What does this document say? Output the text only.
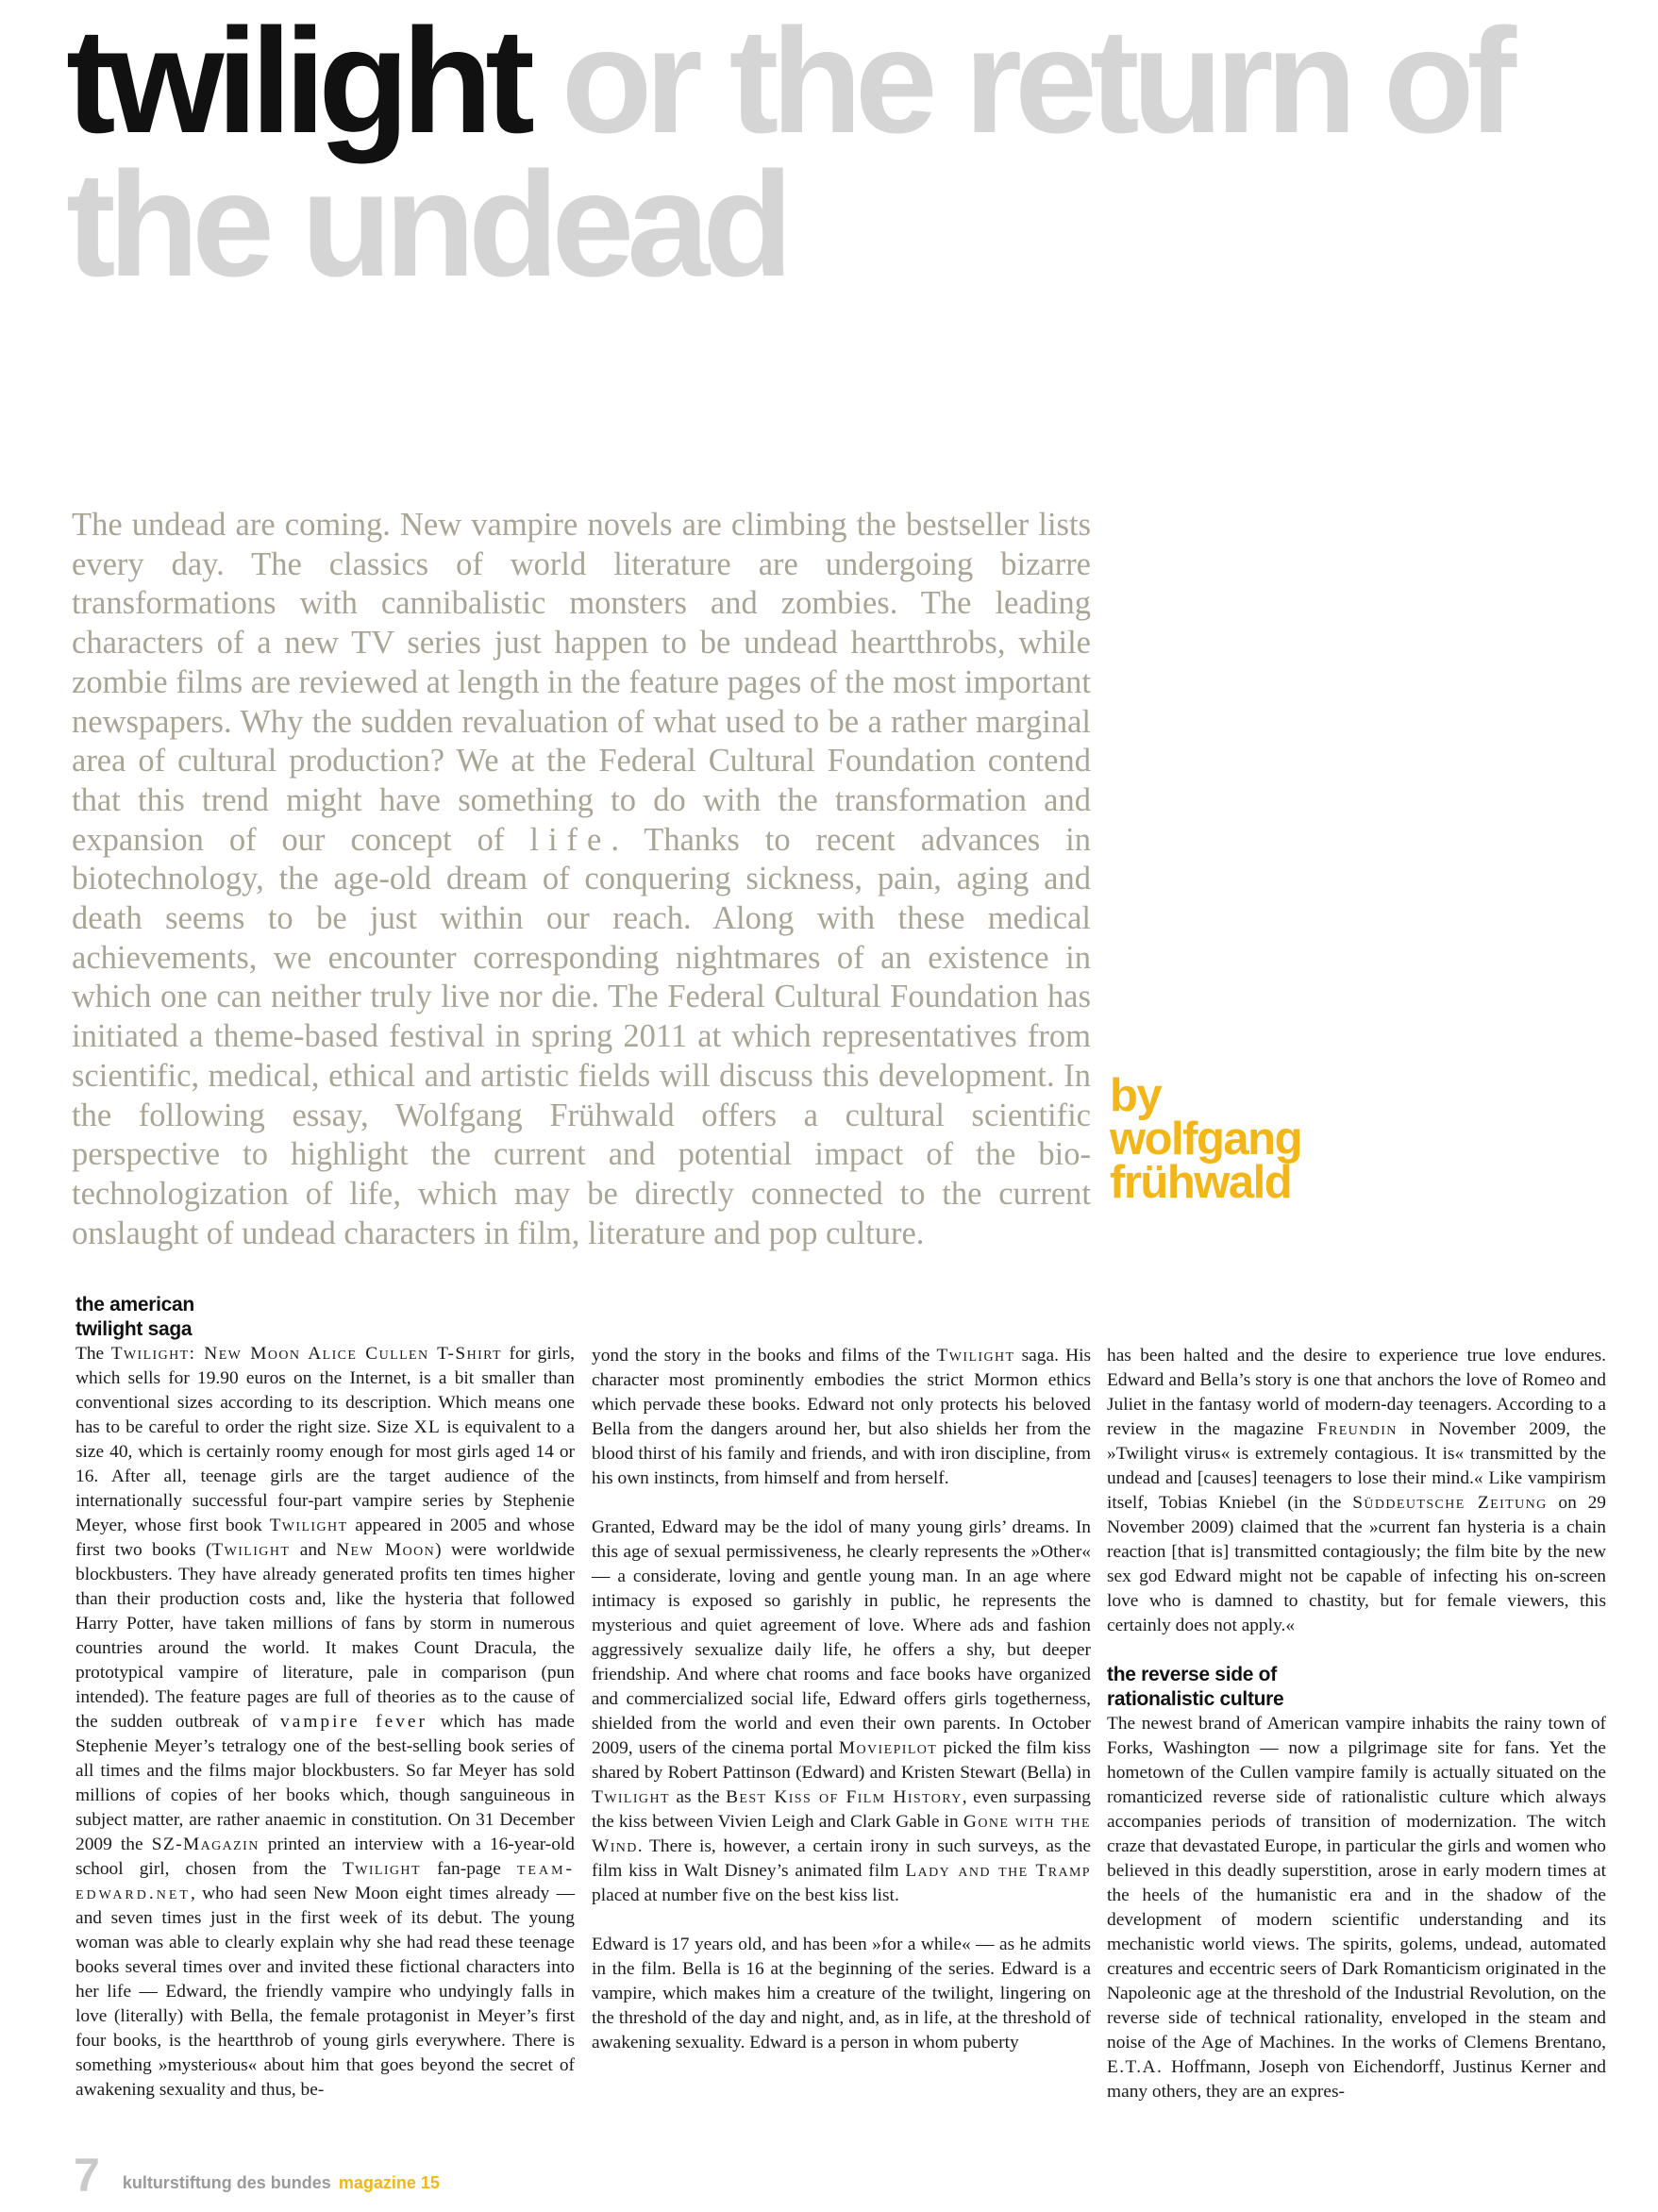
twilight or the return of the undead

The undead are coming. New vampire novels are climbing the bestseller lists every day. The classics of world literature are undergoing bizarre transformations with cannibalistic monsters and zombies. The leading characters of a new TV series just happen to be undead heartthrobs, while zombie films are reviewed at length in the feature pages of the most important newspapers. Why the sudden revaluation of what used to be a rather marginal area of cultural production? We at the Federal Cultural Foundation contend that this trend might have something to do with the transformation and expansion of our concept of life. Thanks to recent advances in biotechnology, the age-old dream of conquering sickness, pain, aging and death seems to be just within our reach. Along with these medical achievements, we encounter corresponding nightmares of an existence in which one can neither truly live nor die. The Federal Cultural Foundation has initiated a theme-based festival in spring 2011 at which representatives from scientific, medical, ethical and artistic fields will discuss this development. In the following essay, Wolfgang Frühwald offers a cultural scientific perspective to highlight the current and potential impact of the bio-technologization of life, which may be directly connected to the current onslaught of undead characters in film, literature and pop culture.

by
wolfgang
frühwald
the american
twilight saga

The Twilight: New Moon Alice Cullen T-Shirt for girls, which sells for 19.90 euros on the Internet, is a bit smaller than conventional sizes according to its description. Which means one has to be careful to order the right size. Size XL is equivalent to a size 40, which is certainly roomy enough for most girls aged 14 or 16. After all, teenage girls are the target audience of the internationally successful four-part vampire series by Stephenie Meyer, whose first book Twilight appeared in 2005 and whose first two books (Twilight and New Moon) were worldwide blockbusters. They have already generated profits ten times higher than their production costs and, like the hysteria that followed Harry Potter, have taken millions of fans by storm in numerous countries around the world. It makes Count Dracula, the prototypical vampire of literature, pale in comparison (pun intended). The feature pages are full of theories as to the cause of the sudden outbreak of vampire fever which has made Stephenie Meyer’s tetralogy one of the best-selling book series of all times and the films major blockbusters. So far Meyer has sold millions of copies of her books which, though sanguineous in subject matter, are rather anaemic in constitution. On 31 December 2009 the SZ-Magazin printed an interview with a 16-year-old school girl, chosen from the Twilight fan-page team-edward.net, who had seen New Moon eight times already — and seven times just in the first week of its debut. The young woman was able to clearly explain why she had read these teenage books several times over and invited these fictional characters into her life — Edward, the friendly vampire who undyingly falls in love (literally) with Bella, the female protagonist in Meyer’s first four books, is the heartthrob of young girls everywhere. There is something »mysterious« about him that goes beyond the secret of awakening sexuality and thus, be-

yond the story in the books and films of the Twilight saga. His character most prominently embodies the strict Mormon ethics which pervade these books. Edward not only protects his beloved Bella from the dangers around her, but also shields her from the blood thirst of his family and friends, and with iron discipline, from his own instincts, from himself and from herself.

Granted, Edward may be the idol of many young girls’ dreams. In this age of sexual permissiveness, he clearly represents the »Other« — a considerate, loving and gentle young man. In an age where intimacy is exposed so garishly in public, he represents the mysterious and quiet agreement of love. Where ads and fashion aggressively sexualize daily life, he offers a shy, but deeper friendship. And where chat rooms and face books have organized and commercialized social life, Edward offers girls togetherness, shielded from the world and even their own parents. In October 2009, users of the cinema portal Moviepilot picked the film kiss shared by Robert Pattinson (Edward) and Kristen Stewart (Bella) in Twilight as the Best Kiss of Film History, even surpassing the kiss between Vivien Leigh and Clark Gable in Gone with the Wind. There is, however, a certain irony in such surveys, as the film kiss in Walt Disney’s animated film Lady and the Tramp placed at number five on the best kiss list.

Edward is 17 years old, and has been »for a while« — as he admits in the film. Bella is 16 at the beginning of the series. Edward is a vampire, which makes him a creature of the twilight, lingering on the threshold of the day and night, and, as in life, at the threshold of awakening sexuality. Edward is a person in whom puberty

has been halted and the desire to experience true love endures. Edward and Bella’s story is one that anchors the love of Romeo and Juliet in the fantasy world of modern-day teenagers. According to a review in the magazine Freundin in November 2009, the »Twilight virus« is extremely contagious. It is« transmitted by the undead and [causes] teenagers to lose their mind.« Like vampirism itself, Tobias Kniebel (in the Süddeutsche Zeitung on 29 November 2009) claimed that the »current fan hysteria is a chain reaction [that is] transmitted contagiously; the film bite by the new sex god Edward might not be capable of infecting his on-screen love who is damned to chastity, but for female viewers, this certainly does not apply.«

the reverse side of
rationalistic culture

The newest brand of American vampire inhabits the rainy town of Forks, Washington — now a pilgrimage site for fans. Yet the hometown of the Cullen vampire family is actually situated on the romanticized reverse side of rationalistic culture which always accompanies periods of transition of modernization. The witch craze that devastated Europe, in particular the girls and women who believed in this deadly superstition, arose in early modern times at the heels of the humanistic era and in the shadow of the development of modern scientific understanding and its mechanistic world views. The spirits, golems, undead, automated creatures and eccentric seers of Dark Romanticism originated in the Napoleonic age at the threshold of the Industrial Revolution, on the reverse side of technical rationality, enveloped in the steam and noise of the Age of Machines. In the works of Clemens Brentano, E.T.A. Hoffmann, Joseph von Eichendorff, Justinus Kerner and many others, they are an expres-

7 kulturstiftung des bundes magazine 15
